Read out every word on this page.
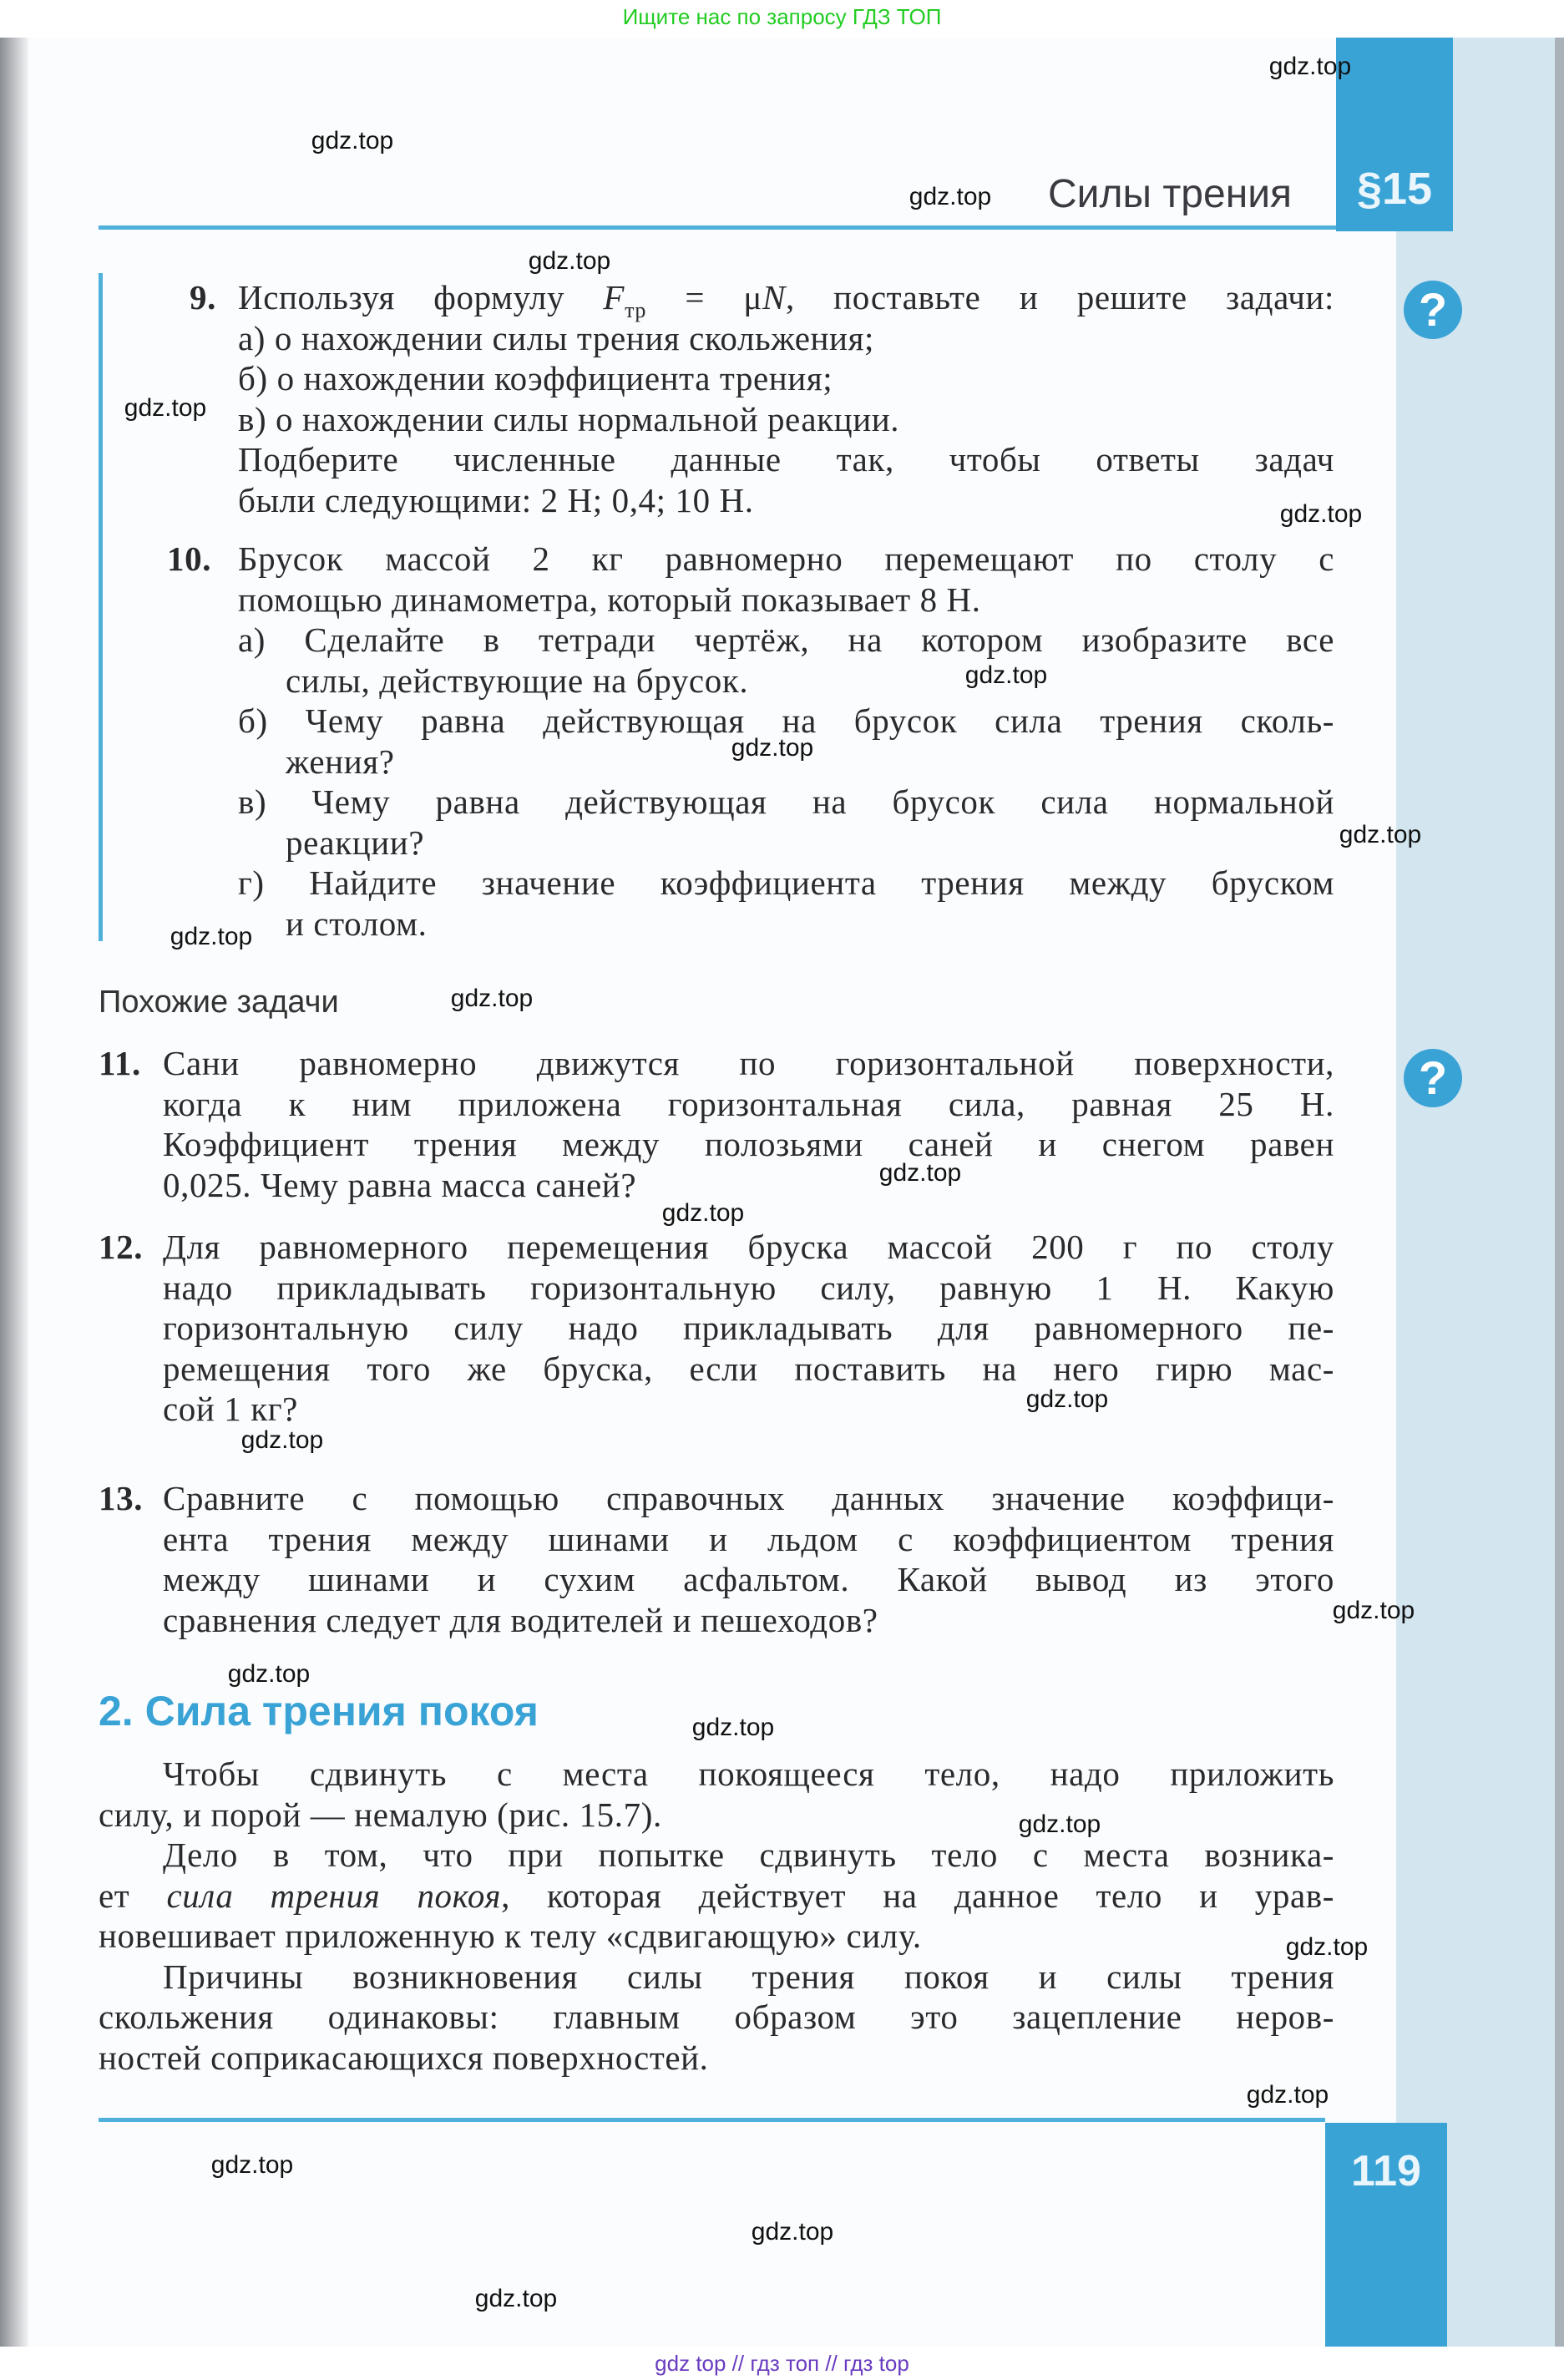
Ищите нас по запросу ГДЗ ТОП
Силы трения	§15
?
?
9. Используя формулу $F_{тр} = \mu N$, поставьте и решите задачи:
а) о нахождении силы трения скольжения;
б) о нахождении коэффициента трения;
в) о нахождении силы нормальной реакции.
Подберите численные данные так, чтобы ответы задач
были следующими: 2 Н; 0,4; 10 Н.
10. Брусок массой 2 кг равномерно перемещают по столу с
помощью динамометра, который показывает 8 Н.
а) Сделайте в тетради чертёж, на котором изобразите все
силы, действующие на брусок.
б) Чему равна действующая на брусок сила трения сколь-
жения?
в) Чему равна действующая на брусок сила нормальной
реакции?
г) Найдите значение коэффициента трения между бруском
и столом.
Похожие задачи
11. Сани равномерно движутся по горизонтальной поверхности,
когда к ним приложена горизонтальная сила, равная 25 Н.
Коэффициент трения между полозьями саней и снегом равен
0,025. Чему равна масса саней?
12. Для равномерного перемещения бруска массой 200 г по столу
надо прикладывать горизонтальную силу, равную 1 Н. Какую
горизонтальную силу надо прикладывать для равномерного пе-
ремещения того же бруска, если поставить на него гирю мас-
сой 1 кг?
13. Сравните с помощью справочных данных значение коэффици-
ента трения между шинами и льдом с коэффициентом трения
между шинами и сухим асфальтом. Какой вывод из этого
сравнения следует для водителей и пешеходов?
2. Сила трения покоя
Чтобы сдвинуть с места покоящееся тело, надо приложить
силу, и порой — немалую (рис. 15.7).
Дело в том, что при попытке сдвинуть тело с места возника-
ет сила трения покоя, которая действует на данное тело и урав-
новешивает приложенную к телу «сдвигающую» силу.
Причины возникновения силы трения покоя и силы трения
скольжения одинаковы: главным образом это зацепление неров-
ностей соприкасающихся поверхностей.
119
gdz.top
gdz.top
gdz.top
gdz.top
gdz.top
gdz.top
gdz.top
gdz.top
gdz.top
gdz.top
gdz.top
gdz.top
gdz.top
gdz.top
gdz.top
gdz.top
gdz.top
gdz.top
gdz.top
gdz.top
gdz.top
gdz.top
gdz.top
gdz.top
gdz top // гдз топ // гдз top
